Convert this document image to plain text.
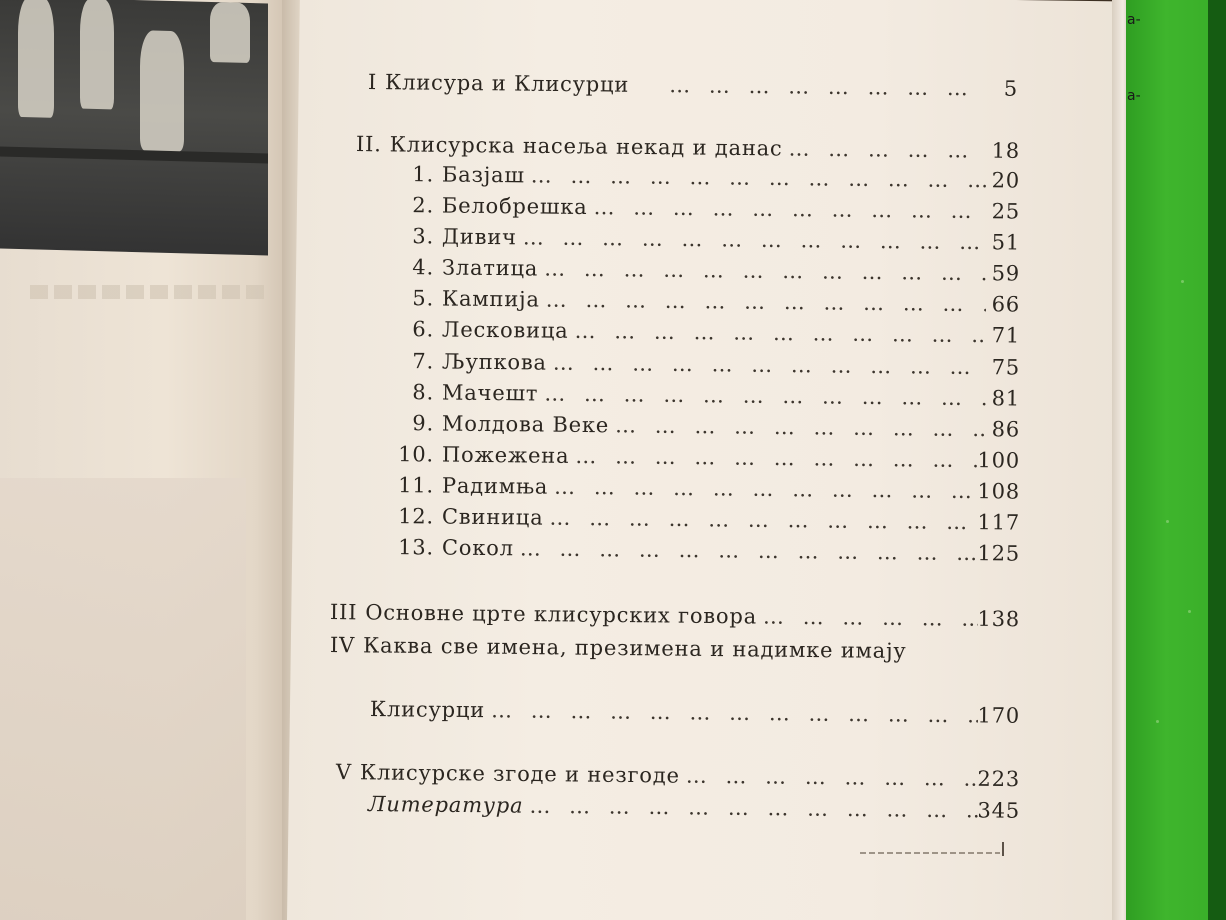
а-
а-
I Клисура и Клисурци … … … … … … … … … … … … … … … … … … … …	5
II. Клисурска насеља некад и данас … … … … … … … … … … … … … … … … … … … …	18
1. Базјаш … … … … … … … … … … … … … … … … … … … …	20
2. Белобрешка … … … … … … … … … … … … … … … … … … … …	25
3. Дивич … … … … … … … … … … … … … … … … … … … …	51
4. Златица … … … … … … … … … … … … … … … … … … … …	59
5. Кампија … … … … … … … … … … … … … … … … … … … …	66
6. Лесковица … … … … … … … … … … … … … … … … … … … …	71
7. Љупкова … … … … … … … … … … … … … … … … … … … …	75
8. Мачешт … … … … … … … … … … … … … … … … … … … …	81
9. Молдова Веке … … … … … … … … … … … … … … … … … … … …	86
10. Пожежена … … … … … … … … … … … … … … … … … … … …	100
11. Радимња … … … … … … … … … … … … … … … … … … … …	108
12. Свиница … … … … … … … … … … … … … … … … … … … …	117
13. Сокол … … … … … … … … … … … … … … … … … … … …	125
III Основне црте клисурских говора … … … … … … … … … … … … … … … … … … … …	138
IV Каква све имена, презимена и надимке имају
Клисурци … … … … … … … … … … … … … … … … … … … …	170
V Клисурске згоде и незгоде … … … … … … … … … … … … … … … … … … … …	223
Литература … … … … … … … … … … … … … … … … … … … …	345
